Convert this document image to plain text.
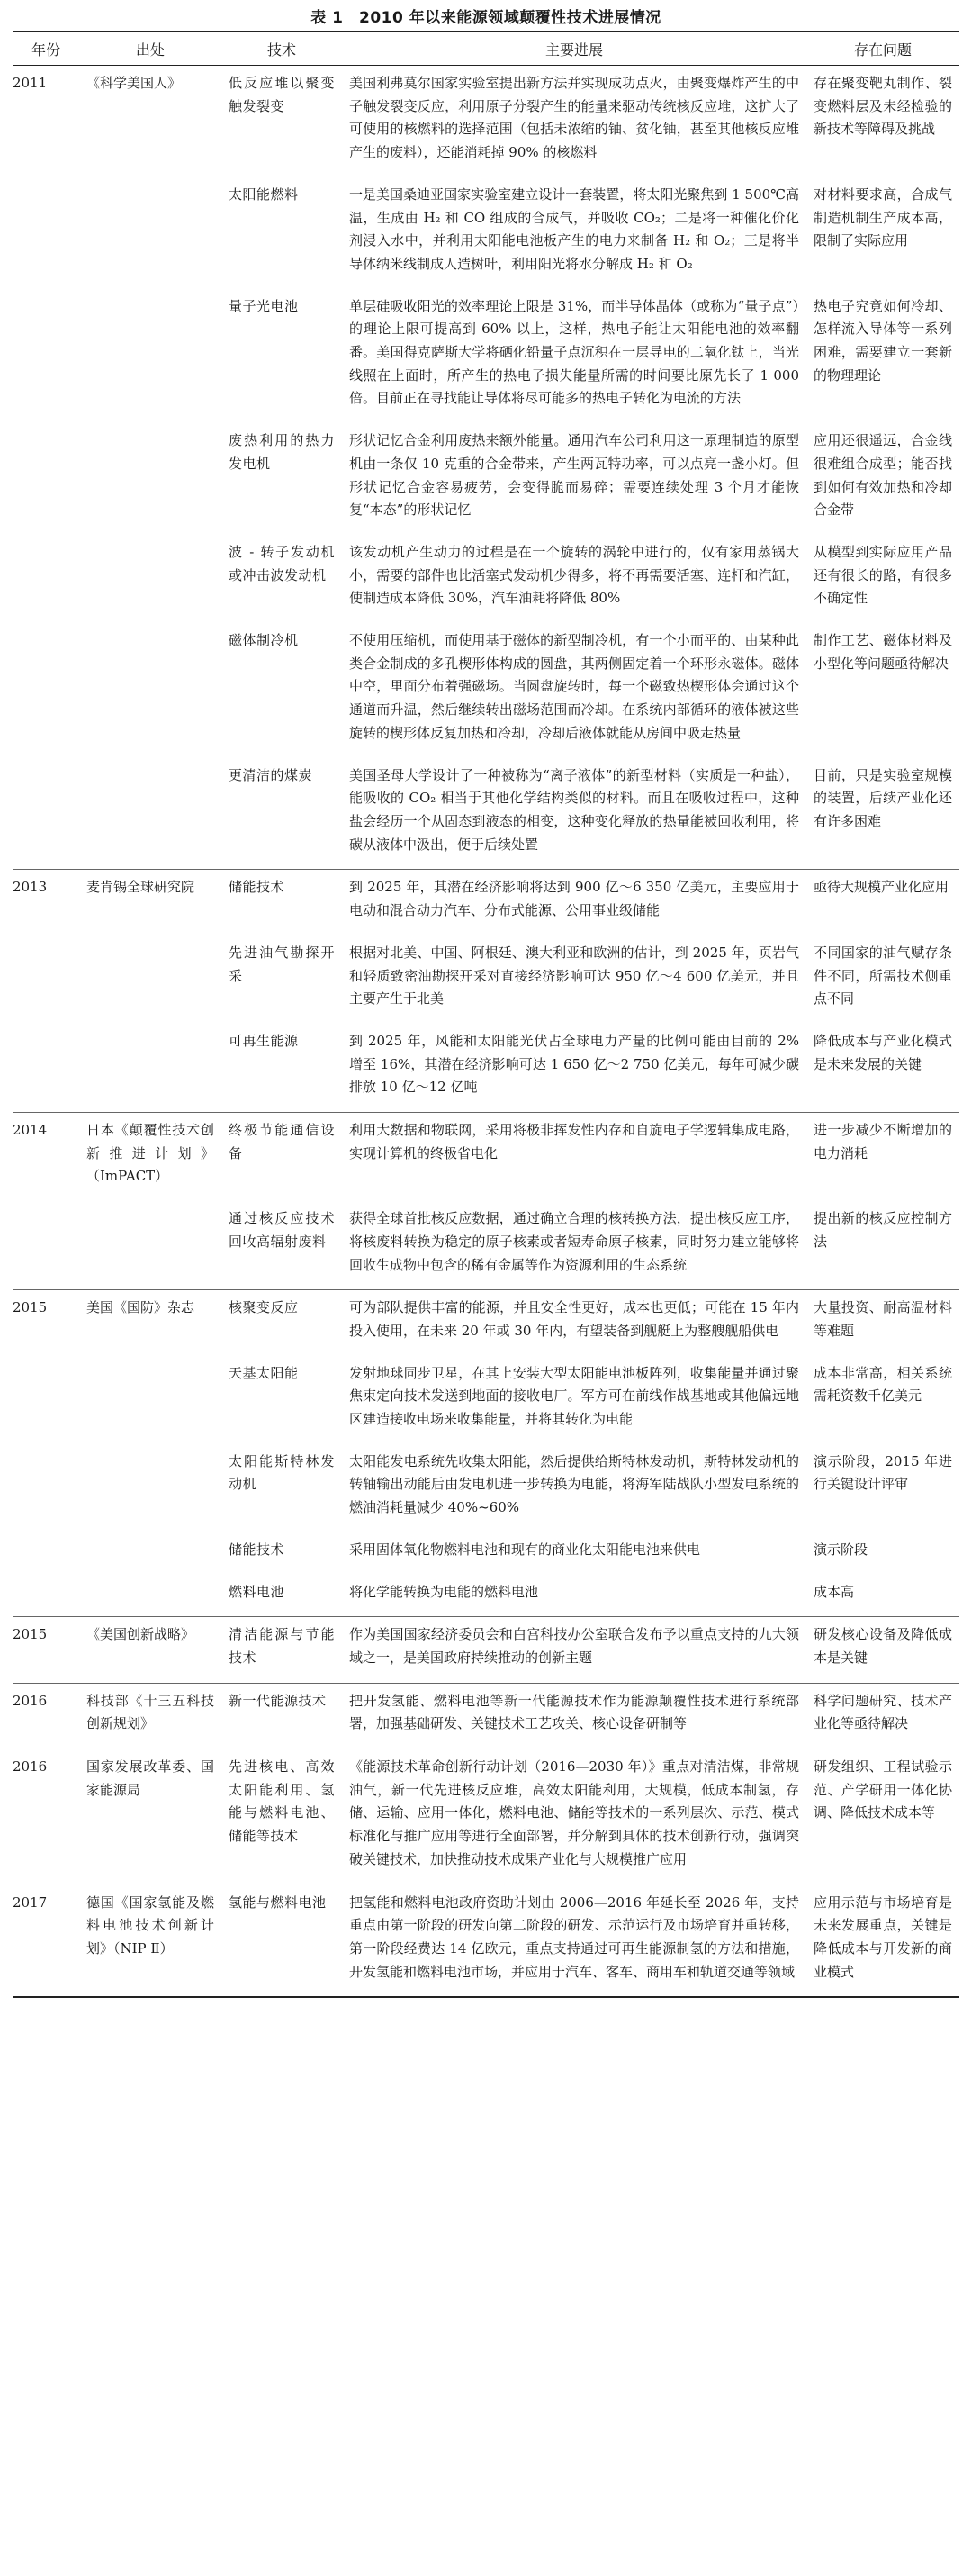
表 1　2010 年以来能源领域颠覆性技术进展情况
年份	出处	技术	主要进展	存在问题

2011	《科学美国人》	低反应堆以聚变触发裂变	美国利弗莫尔国家实验室提出新方法并实现成功点火，由聚变爆炸产生的中子触发裂变反应，利用原子分裂产生的能量来驱动传统核反应堆，这扩大了可使用的核燃料的选择范围（包括未浓缩的铀、贫化铀，甚至其他核反应堆产生的废料），还能消耗掉 90% 的核燃料	存在聚变靶丸制作、裂变燃料层及未经检验的新技术等障碍及挑战

		太阳能燃料	一是美国桑迪亚国家实验室建立设计一套装置，将太阳光聚焦到 1 500℃高温，生成由 H₂ 和 CO 组成的合成气，并吸收 CO₂；二是将一种催化价化剂浸入水中，并利用太阳能电池板产生的电力来制备 H₂ 和 O₂；三是将半导体纳米线制成人造树叶，利用阳光将水分解成 H₂ 和 O₂	对材料要求高，合成气制造机制生产成本高，限制了实际应用

		量子光电池	单层硅吸收阳光的效率理论上限是 31%，而半导体晶体（或称为“量子点”）的理论上限可提高到 60% 以上，这样，热电子能让太阳能电池的效率翻番。美国得克萨斯大学将硒化铅量子点沉积在一层导电的二氧化钛上，当光线照在上面时，所产生的热电子损失能量所需的时间要比原先长了 1 000 倍。目前正在寻找能让导体将尽可能多的热电子转化为电流的方法	热电子究竟如何冷却、怎样流入导体等一系列困难，需要建立一套新的物理理论

		废热利用的热力发电机	形状记忆合金利用废热来额外能量。通用汽车公司利用这一原理制造的原型机由一条仅 10 克重的合金带来，产生两瓦特功率，可以点亮一盏小灯。但形状记忆合金容易疲劳，会变得脆而易碎；需要连续处理 3 个月才能恢复“本态”的形状记忆	应用还很遥远，合金线很难组合成型；能否找到如何有效加热和冷却合金带

		波 - 转子发动机或冲击波发动机	该发动机产生动力的过程是在一个旋转的涡轮中进行的，仅有家用蒸锅大小，需要的部件也比活塞式发动机少得多，将不再需要活塞、连杆和汽缸，使制造成本降低 30%，汽车油耗将降低 80%	从模型到实际应用产品还有很长的路，有很多不确定性

		磁体制冷机	不使用压缩机，而使用基于磁体的新型制冷机，有一个小而平的、由某种此类合金制成的多孔楔形体构成的圆盘，其两侧固定着一个环形永磁体。磁体中空，里面分布着强磁场。当圆盘旋转时，每一个磁致热楔形体会通过这个通道而升温，然后继续转出磁场范围而冷却。在系统内部循环的液体被这些旋转的楔形体反复加热和冷却，冷却后液体就能从房间中吸走热量	制作工艺、磁体材料及小型化等问题亟待解决

		更清洁的煤炭	美国圣母大学设计了一种被称为“离子液体”的新型材料（实质是一种盐），能吸收的 CO₂ 相当于其他化学结构类似的材料。而且在吸收过程中，这种盐会经历一个从固态到液态的相变，这种变化释放的热量能被回收利用，将碳从液体中汲出，便于后续处置	目前，只是实验室规模的装置，后续产业化还有许多困难

2013	麦肯锡全球研究院	储能技术	到 2025 年，其潜在经济影响将达到 900 亿～6 350 亿美元，主要应用于电动和混合动力汽车、分布式能源、公用事业级储能	亟待大规模产业化应用

		先进油气勘探开采	根据对北美、中国、阿根廷、澳大利亚和欧洲的估计，到 2025 年，页岩气和轻质致密油勘探开采对直接经济影响可达 950 亿～4 600 亿美元，并且主要产生于北美	不同国家的油气赋存条件不同，所需技术侧重点不同

		可再生能源	到 2025 年，风能和太阳能光伏占全球电力产量的比例可能由目前的 2% 增至 16%，其潜在经济影响可达 1 650 亿～2 750 亿美元，每年可减少碳排放 10 亿～12 亿吨	降低成本与产业化模式是未来发展的关键

2014	日本《颠覆性技术创新推进计划》（ImPACT）	终极节能通信设备	利用大数据和物联网，采用将极非挥发性内存和自旋电子学逻辑集成电路，实现计算机的终极省电化	进一步减少不断增加的电力消耗

		通过核反应技术回收高辐射废料	获得全球首批核反应数据，通过确立合理的核转换方法，提出核反应工序，将核废料转换为稳定的原子核素或者短寿命原子核素，同时努力建立能够将回收生成物中包含的稀有金属等作为资源利用的生态系统	提出新的核反应控制方法

2015	美国《国防》杂志	核聚变反应	可为部队提供丰富的能源，并且安全性更好，成本也更低；可能在 15 年内投入使用，在未来 20 年或 30 年内，有望装备到舰艇上为整艘舰船供电	大量投资、耐高温材料等难题

		天基太阳能	发射地球同步卫星，在其上安装大型太阳能电池板阵列，收集能量并通过聚焦束定向技术发送到地面的接收电厂。军方可在前线作战基地或其他偏远地区建造接收电场来收集能量，并将其转化为电能	成本非常高，相关系统需耗资数千亿美元

		太阳能斯特林发动机	太阳能发电系统先收集太阳能，然后提供给斯特林发动机，斯特林发动机的转轴输出动能后由发电机进一步转换为电能，将海军陆战队小型发电系统的燃油消耗量减少 40%~60%	演示阶段，2015 年进行关键设计评审

		储能技术	采用固体氧化物燃料电池和现有的商业化太阳能电池来供电	演示阶段

		燃料电池	将化学能转换为电能的燃料电池	成本高

2015	《美国创新战略》	清洁能源与节能技术	作为美国国家经济委员会和白宫科技办公室联合发布予以重点支持的九大领域之一，是美国政府持续推动的创新主题	研发核心设备及降低成本是关键

2016	科技部《十三五科技创新规划》	新一代能源技术	把开发氢能、燃料电池等新一代能源技术作为能源颠覆性技术进行系统部署，加强基础研发、关键技术工艺攻关、核心设备研制等	科学问题研究、技术产业化等亟待解决

2016	国家发展改革委、国家能源局	先进核电、高效太阳能利用、氢能与燃料电池、储能等技术	《能源技术革命创新行动计划（2016—2030 年）》重点对清洁煤，非常规油气，新一代先进核反应堆，高效太阳能利用，大规模，低成本制氢，存储、运输、应用一体化，燃料电池、储能等技术的一系列层次、示范、模式标准化与推广应用等进行全面部署，并分解到具体的技术创新行动，强调突破关键技术，加快推动技术成果产业化与大规模推广应用	研发组织、工程试验示范、产学研用一体化协调、降低技术成本等

2017	德国《国家氢能及燃料电池技术创新计划》（NIP Ⅱ）	氢能与燃料电池	把氢能和燃料电池政府资助计划由 2006—2016 年延长至 2026 年，支持重点由第一阶段的研发向第二阶段的研发、示范运行及市场培育并重转移，第一阶段经费达 14 亿欧元，重点支持通过可再生能源制氢的方法和措施，开发氢能和燃料电池市场，并应用于汽车、客车、商用车和轨道交通等领域	应用示范与市场培育是未来发展重点，关键是降低成本与开发新的商业模式
